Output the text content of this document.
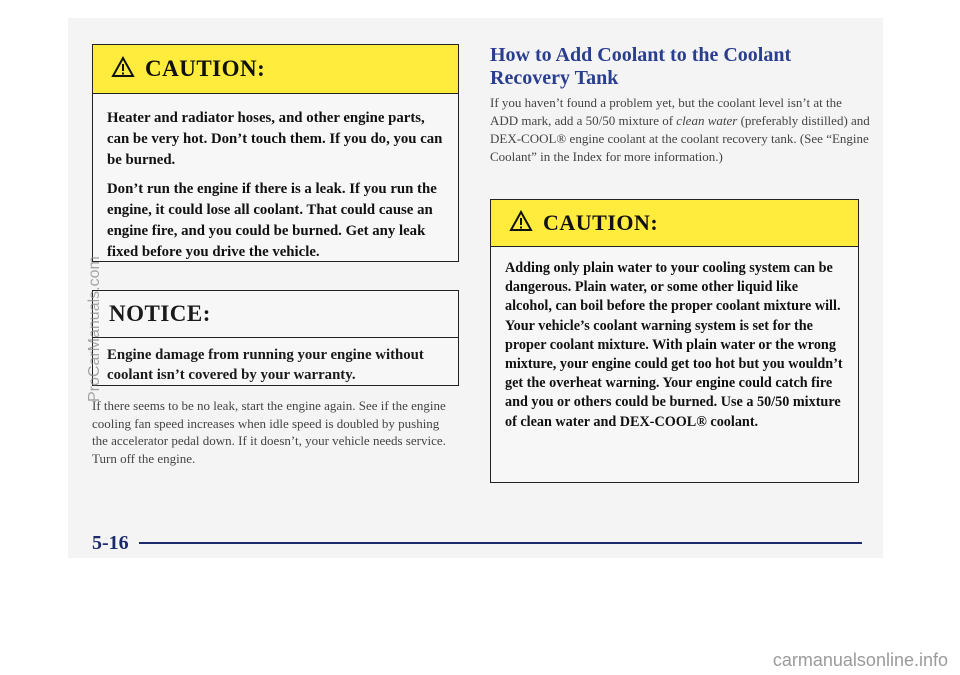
CAUTION:

Heater and radiator hoses, and other engine parts, can be very hot. Don’t touch them. If you do, you can be burned.

Don’t run the engine if there is a leak. If you run the engine, it could lose all coolant. That could cause an engine fire, and you could be burned. Get any leak fixed before you drive the vehicle.

NOTICE:
Engine damage from running your engine without coolant isn’t covered by your warranty.
If there seems to be no leak, start the engine again. See if the engine cooling fan speed increases when idle speed is doubled by pushing the accelerator pedal down. If it doesn’t, your vehicle needs service. Turn off the engine.
How to Add Coolant to the Coolant Recovery Tank
If you haven’t found a problem yet, but the coolant level isn’t at the ADD mark, add a 50/50 mixture of clean water (preferably distilled) and DEX-COOL® engine coolant at the coolant recovery tank. (See “Engine Coolant” in the Index for more information.)
CAUTION:
Adding only plain water to your cooling system can be dangerous. Plain water, or some other liquid like alcohol, can boil before the proper coolant mixture will. Your vehicle’s coolant warning system is set for the proper coolant mixture. With plain water or the wrong mixture, your engine could get too hot but you wouldn’t get the overheat warning. Your engine could catch fire and you or others could be burned. Use a 50/50 mixture of clean water and DEX-COOL® coolant.
5-16
ProCarManuals.com
carmanualsonline.info
